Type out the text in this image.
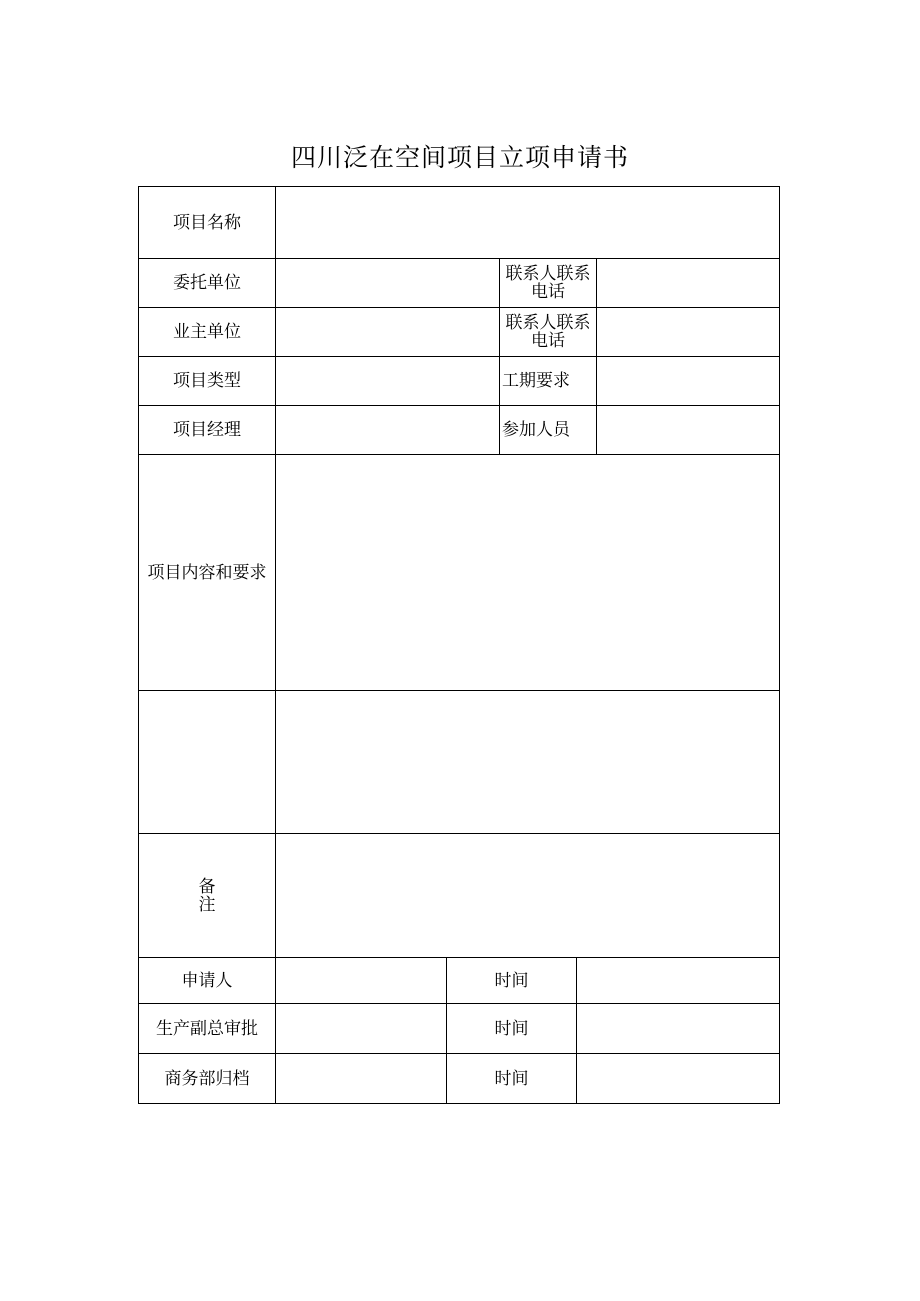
四川泛在空间项目立项申请书
项目名称
委托单位	联系人联系
电话
业主单位	联系人联系
电话
项目类型	工期要求
项目经理	参加人员
项目内容和要求
备
注
申请人	时间
生产副总审批	时间
商务部归档	时间
